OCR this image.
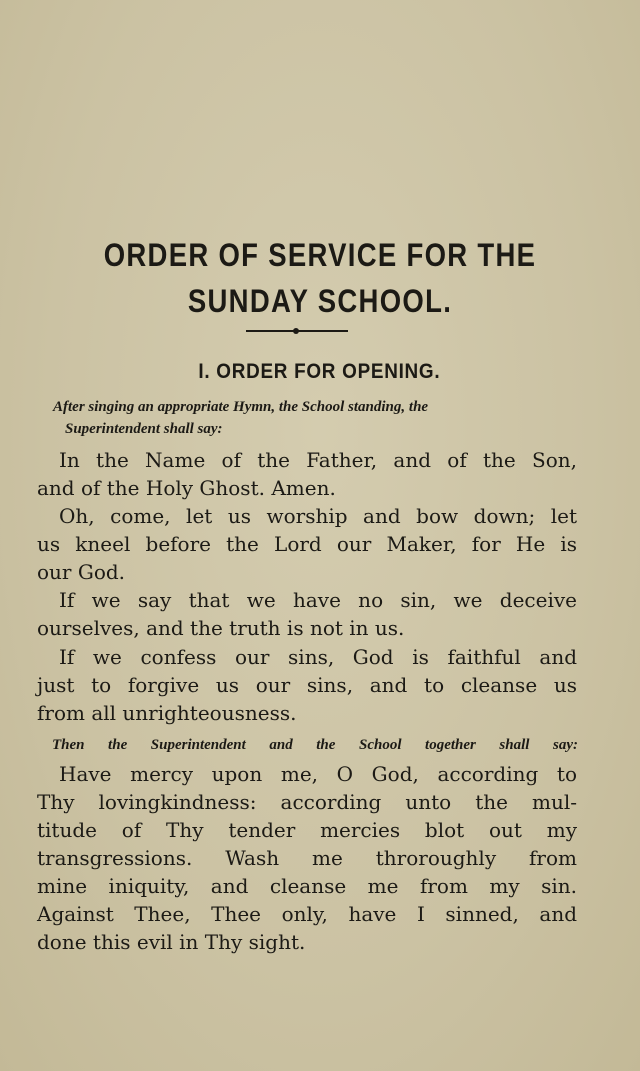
ORDER OF SERVICE FOR THE
SUNDAY SCHOOL.
I. ORDER FOR OPENING.
After singing an appropriate Hymn, the School standing, the
Superintendent shall say:
In the Name of the Father, and of the Son,
and of the Holy Ghost. Amen.
Oh, come, let us worship and bow down; let
us kneel before the Lord our Maker, for He is
our God.
If we say that we have no sin, we deceive
ourselves, and the truth is not in us.
If we confess our sins, God is faithful and
just to forgive us our sins, and to cleanse us
from all unrighteousness.
Then the Superintendent and the School together shall say:
Have mercy upon me, O God, according to
Thy lovingkindness: according unto the mul-
titude of Thy tender mercies blot out my
transgressions. Wash me throroughly from
mine iniquity, and cleanse me from my sin.
Against Thee, Thee only, have I sinned, and
done this evil in Thy sight.
